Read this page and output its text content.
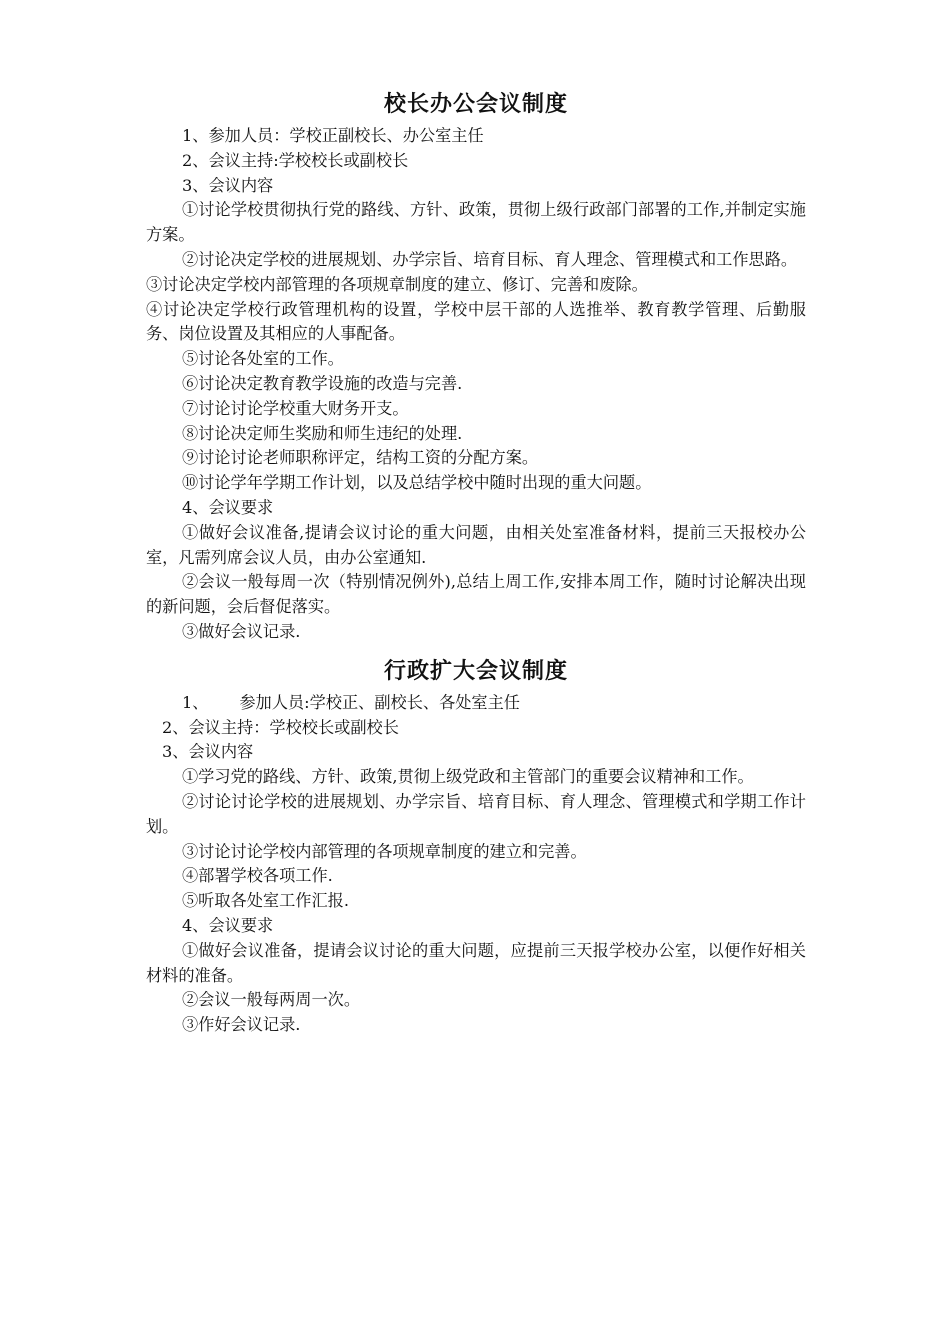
校长办公会议制度

1、参加人员：学校正副校长、办公室主任

2、会议主持:学校校长或副校长

3、会议内容

①讨论学校贯彻执行党的路线、方针、政策，贯彻上级行政部门部署的工作,并制定实施方案。

②讨论决定学校的进展规划、办学宗旨、培育目标、育人理念、管理模式和工作思路。

③讨论决定学校内部管理的各项规章制度的建立、修订、完善和废除。

④讨论决定学校行政管理机构的设置，学校中层干部的人选推举、教育教学管理、后勤服务、岗位设置及其相应的人事配备。

⑤讨论各处室的工作。

⑥讨论决定教育教学设施的改造与完善.

⑦讨论讨论学校重大财务开支。

⑧讨论决定师生奖励和师生违纪的处理.

⑨讨论讨论老师职称评定，结构工资的分配方案。

⑩讨论学年学期工作计划，以及总结学校中随时出现的重大问题。

4、会议要求

①做好会议准备,提请会议讨论的重大问题，由相关处室准备材料，提前三天报校办公室，凡需列席会议人员，由办公室通知.

②会议一般每周一次（特别情况例外),总结上周工作,安排本周工作，随时讨论解决出现的新问题，会后督促落实。

③做好会议记录.

行政扩大会议制度

1、      参加人员:学校正、副校长、各处室主任

2、会议主持：学校校长或副校长

3、会议内容

①学习党的路线、方针、政策,贯彻上级党政和主管部门的重要会议精神和工作。

②讨论讨论学校的进展规划、办学宗旨、培育目标、育人理念、管理模式和学期工作计划。

③讨论讨论学校内部管理的各项规章制度的建立和完善。

④部署学校各项工作.

⑤听取各处室工作汇报.

4、会议要求

①做好会议准备，提请会议讨论的重大问题，应提前三天报学校办公室，以便作好相关材料的准备。

②会议一般每两周一次。

③作好会议记录.
